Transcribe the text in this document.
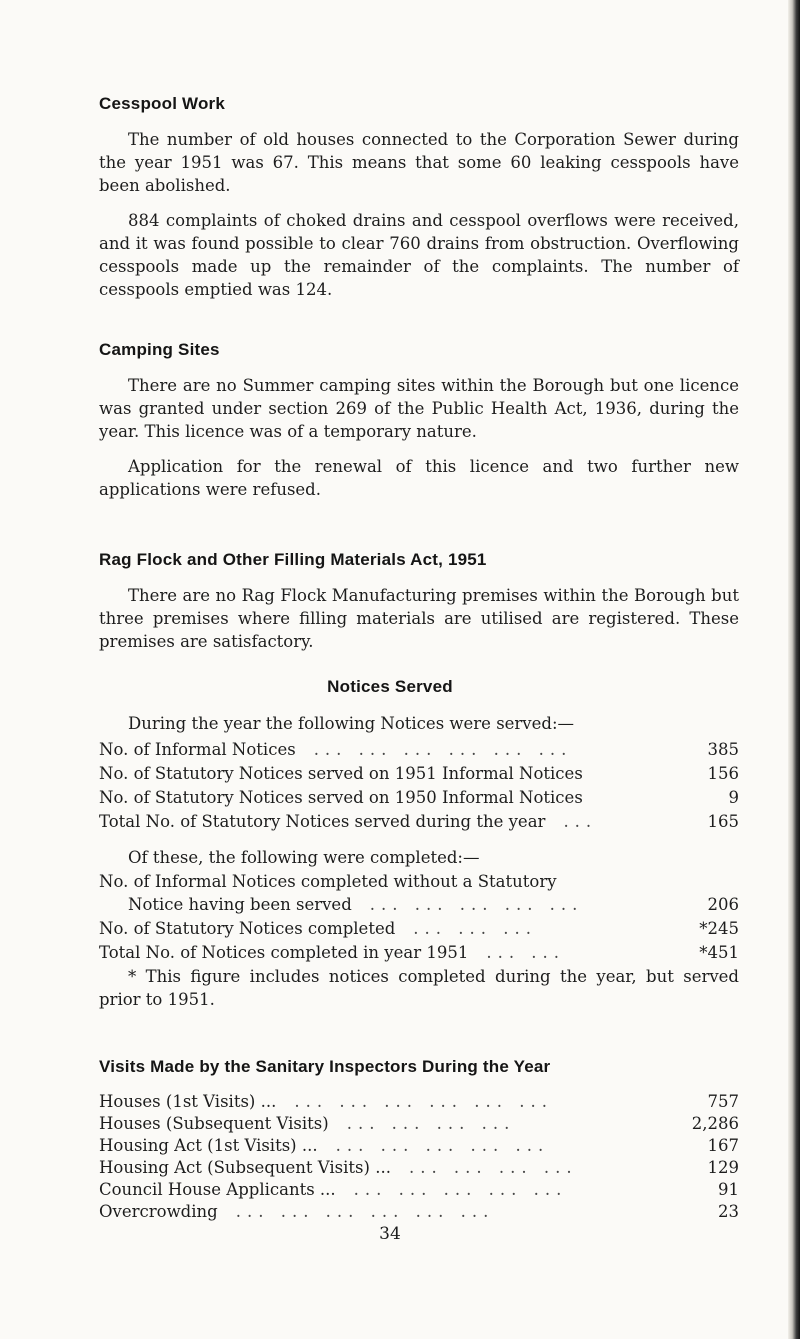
Cesspool Work
The number of old houses connected to the Corporation Sewer during the year 1951 was 67. This means that some 60 leaking cesspools have been abolished.
884 complaints of choked drains and cesspool overflows were received, and it was found possible to clear 760 drains from obstruction. Overflowing cesspools made up the remainder of the complaints. The number of cesspools emptied was 124.
Camping Sites
There are no Summer camping sites within the Borough but one licence was granted under section 269 of the Public Health Act, 1936, during the year. This licence was of a temporary nature.
Application for the renewal of this licence and two further new applications were refused.
Rag Flock and Other Filling Materials Act, 1951
There are no Rag Flock Manufacturing premises within the Borough but three premises where filling materials are utilised are registered. These premises are satisfactory.
Notices Served
During the year the following Notices were served:—
No. of Informal Notices	... ... ... ... ... ...	385
No. of Statutory Notices served on 1951 Informal Notices	156
No. of Statutory Notices served on 1950 Informal Notices	9
Total No. of Statutory Notices served during the year	...	165
Of these, the following were completed:—
No. of Informal Notices completed without a Statutory
Notice having been served	... ... ... ... ...	206
No. of Statutory Notices completed	... ... ...	*245
Total No. of Notices completed in year 1951	... ...	*451
* This figure includes notices completed during the year, but served prior to 1951.
Visits Made by the Sanitary Inspectors During the Year
Houses (1st Visits) ...	... ... ... ... ... ...	757
Houses (Subsequent Visits)	... ... ... ...	2,286
Housing Act (1st Visits) ...	... ... ... ... ...	167
Housing Act (Subsequent Visits) ...	... ... ... ...	129
Council House Applicants ...	... ... ... ... ...	91
Overcrowding	... ... ... ... ... ...	23
34
